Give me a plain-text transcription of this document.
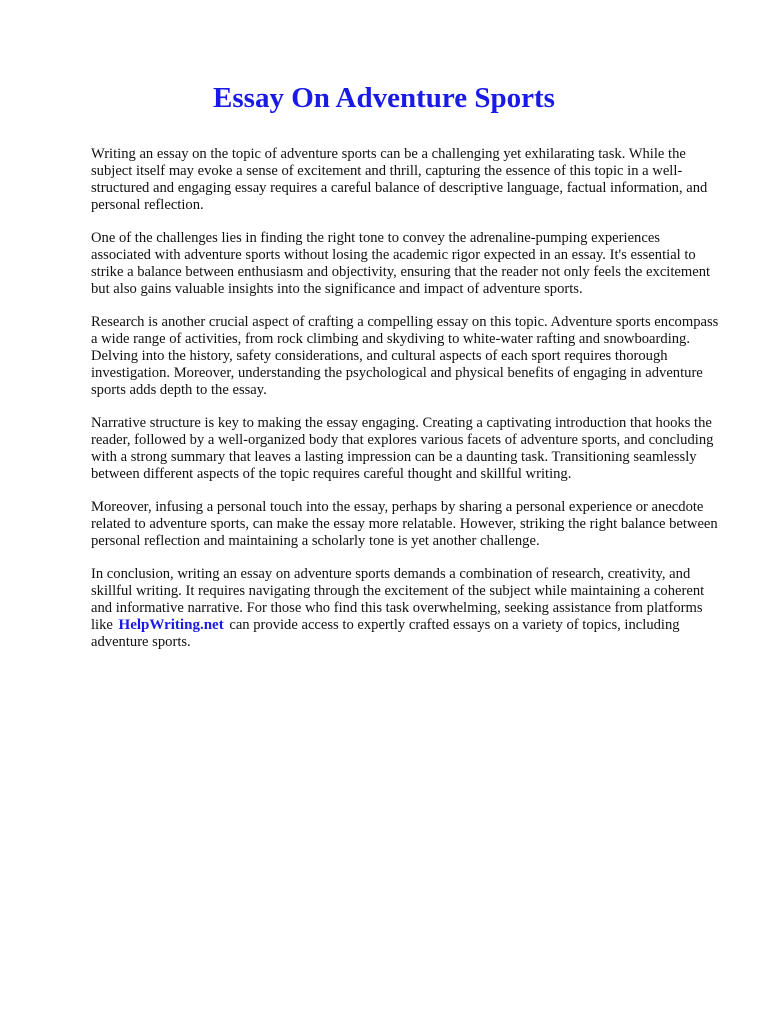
Essay On Adventure Sports

Writing an essay on the topic of adventure sports can be a challenging yet exhilarating task. While the subject itself may evoke a sense of excitement and thrill, capturing the essence of this topic in a well-structured and engaging essay requires a careful balance of descriptive language, factual information, and personal reflection.

One of the challenges lies in finding the right tone to convey the adrenaline-pumping experiences associated with adventure sports without losing the academic rigor expected in an essay. It's essential to strike a balance between enthusiasm and objectivity, ensuring that the reader not only feels the excitement but also gains valuable insights into the significance and impact of adventure sports.

Research is another crucial aspect of crafting a compelling essay on this topic. Adventure sports encompass a wide range of activities, from rock climbing and skydiving to white-water rafting and snowboarding. Delving into the history, safety considerations, and cultural aspects of each sport requires thorough investigation. Moreover, understanding the psychological and physical benefits of engaging in adventure sports adds depth to the essay.

Narrative structure is key to making the essay engaging. Creating a captivating introduction that hooks the reader, followed by a well-organized body that explores various facets of adventure sports, and concluding with a strong summary that leaves a lasting impression can be a daunting task. Transitioning seamlessly between different aspects of the topic requires careful thought and skillful writing.

Moreover, infusing a personal touch into the essay, perhaps by sharing a personal experience or anecdote related to adventure sports, can make the essay more relatable. However, striking the right balance between personal reflection and maintaining a scholarly tone is yet another challenge.

In conclusion, writing an essay on adventure sports demands a combination of research, creativity, and skillful writing. It requires navigating through the excitement of the subject while maintaining a coherent and informative narrative. For those who find this task overwhelming, seeking assistance from platforms like HelpWriting.net can provide access to expertly crafted essays on a variety of topics, including adventure sports.
